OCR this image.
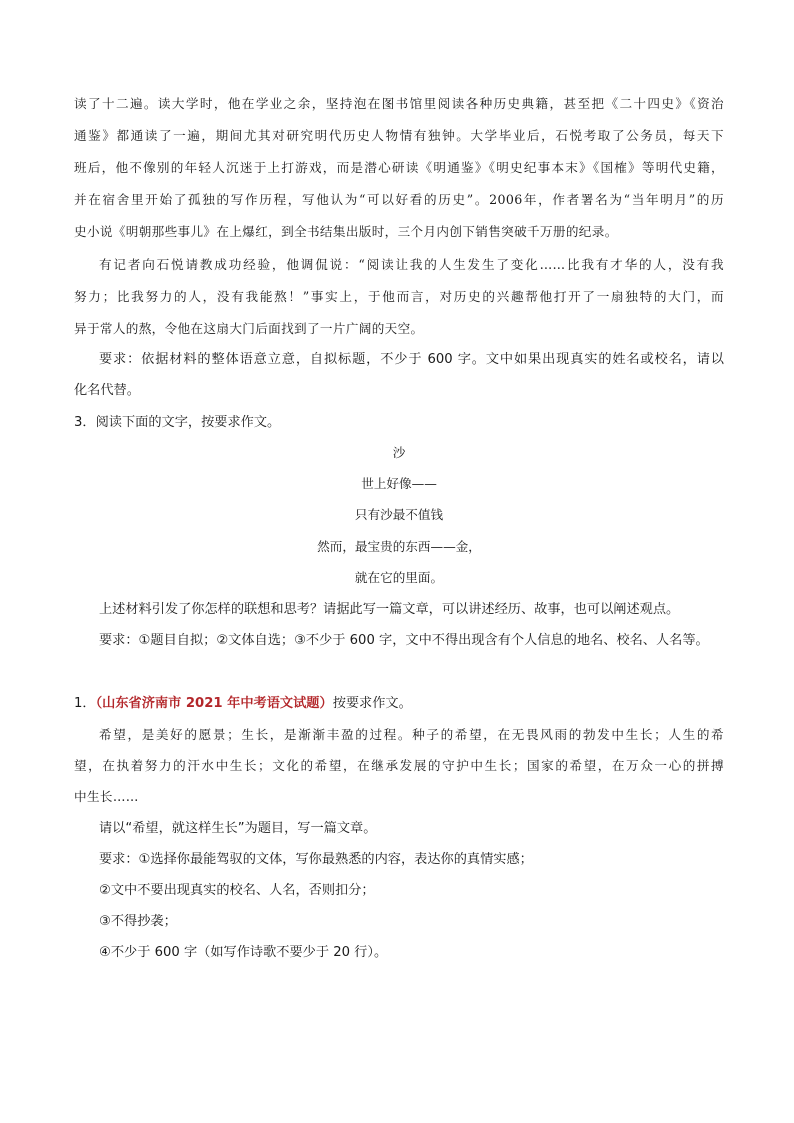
读了十二遍。读大学时，他在学业之余，坚持泡在图书馆里阅读各种历史典籍，甚至把《二十四史》《资治
通鉴》都通读了一遍，期间尤其对研究明代历史人物情有独钟。大学毕业后，石悦考取了公务员，每天下
班后，他不像别的年轻人沉迷于上打游戏，而是潜心研读《明通鉴》《明史纪事本末》《国榷》等明代史籍，
并在宿舍里开始了孤独的写作历程，写他认为“可以好看的历史”。2006年，作者署名为“当年明月”的历
史小说《明朝那些事儿》在上爆红，到全书结集出版时，三个月内创下销售突破千万册的纪录。
有记者向石悦请教成功经验，他调侃说：“阅读让我的人生发生了变化……比我有才华的人，没有我
努力；比我努力的人，没有我能熬！”事实上，于他而言，对历史的兴趣帮他打开了一扇独特的大门，而
异于常人的熬，令他在这扇大门后面找到了一片广阔的天空。
要求：依据材料的整体语意立意，自拟标题，不少于 600 字。文中如果出现真实的姓名或校名，请以
化名代替。
3．阅读下面的文字，按要求作文。
沙
世上好像——
只有沙最不值钱
然而，最宝贵的东西——金，
就在它的里面。
上述材料引发了你怎样的联想和思考？请据此写一篇文章，可以讲述经历、故事，也可以阐述观点。
要求：①题目自拟；②文体自选；③不少于 600 字，文中不得出现含有个人信息的地名、校名、人名等。
1．（山东省济南市 2021 年中考语文试题）按要求作文。
希望，是美好的愿景；生长，是渐渐丰盈的过程。种子的希望，在无畏风雨的勃发中生长；人生的希
望，在执着努力的汗水中生长；文化的希望，在继承发展的守护中生长；国家的希望，在万众一心的拼搏
中生长……
请以“希望，就这样生长”为题目，写一篇文章。
要求：①选择你最能驾驭的文体，写你最熟悉的内容，表达你的真情实感；
②文中不要出现真实的校名、人名，否则扣分；
③不得抄袭；
④不少于 600 字（如写作诗歌不要少于 20 行）。
